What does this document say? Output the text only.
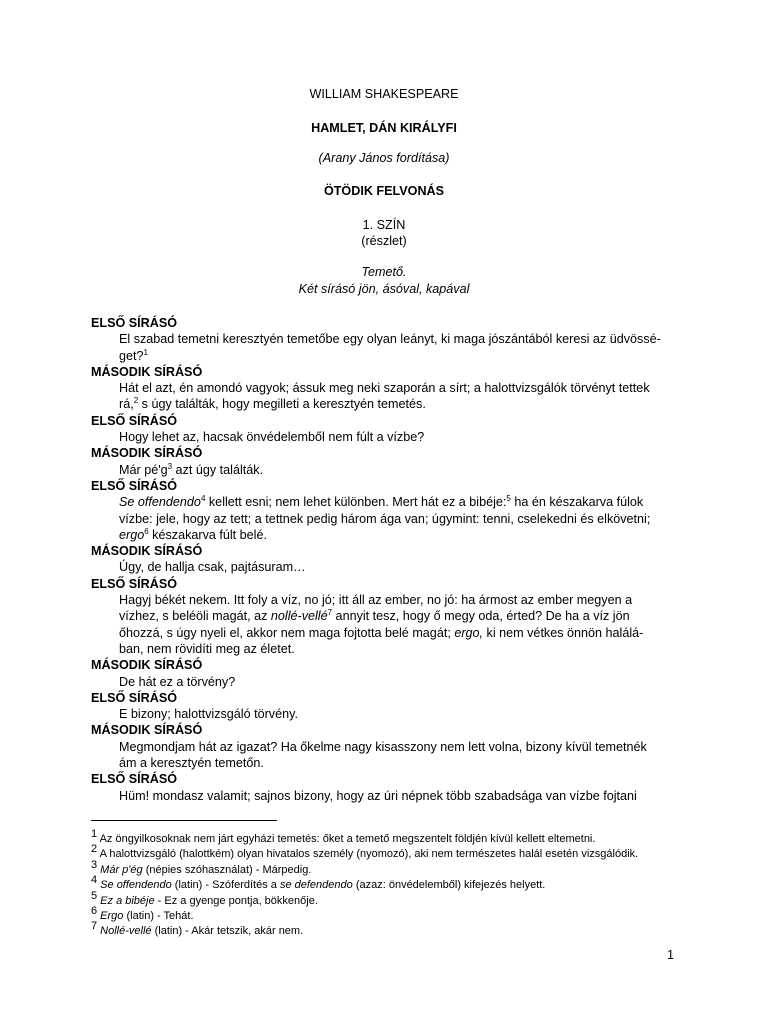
WILLIAM SHAKESPEARE
HAMLET, DÁN KIRÁLYFI
(Arany János fordítása)
ÖTÖDIK FELVONÁS
1. SZÍN
(részlet)
Temető.
Két sírásó jön, ásóval, kapával
ELSŐ SÍRÁSÓ
El szabad temetni keresztyén temetőbe egy olyan leányt, ki maga jószántából keresi az üdvössé-
get?$^1$
MÁSODIK SÍRÁSÓ
Hát el azt, én amondó vagyok; ássuk meg neki szaporán a sírt; a halottvizsgálók törvényt tettek
rá,$^2$ s úgy találták, hogy megilleti a keresztyén temetés.
ELSŐ SÍRÁSÓ
Hogy lehet az, hacsak önvédelemből nem fúlt a vízbe?
MÁSODIK SÍRÁSÓ
Már $pé'g^3$ azt úgy találták.
ELSŐ SÍRÁSÓ
Se offendendo$^4$ kellett esni; nem lehet különben. Mert hát ez a bibéje:$^5$ ha én készakarva fúlok
vízbe: jele, hogy az tett; a tettnek pedig három ága van; úgymint: tenni, cselekedni és elkövetni;
ergo$^6$ készakarva fúlt belé.
MÁSODIK SÍRÁSÓ
Úgy, de hallja csak, pajtásuram…
ELSŐ SÍRÁSÓ
Hagyj békét nekem. Itt foly a víz, no jó; itt áll az ember, no jó: ha ármost az ember megyen a
vízhez, s beléöli magát, az nollé-vellé$^7$ annyit tesz, hogy ő megy oda, érted? De ha a víz jön
őhozzá, s úgy nyeli el, akkor nem maga fojtotta belé magát; ergo, ki nem vétkes önnön halálá-
ban, nem rövidíti meg az életet.
MÁSODIK SÍRÁSÓ
De hát ez a törvény?
ELSŐ SÍRÁSÓ
E bizony; halottvizsgáló törvény.
MÁSODIK SÍRÁSÓ
Megmondjam hát az igazat? Ha őkelme nagy kisasszony nem lett volna, bizony kívül temetnék
ám a keresztyén temetőn.
ELSŐ SÍRÁSÓ
Hüm! mondasz valamit; sajnos bizony, hogy az úri népnek több szabadsága van vízbe fojtani
$^1$ Az öngyilkosoknak nem járt egyházi temetés: őket a temető megszentelt földjén kívül kellett eltemetni.
$^2$ A halottvizsgáló (halottkém) olyan hivatalos személy (nyomozó), aki nem természetes halál esetén vizsgálódik.
$^3$ Már p'ég (népies szóhasználat) - Márpedig.
$^4$ Se offendendo (latin) - Szóferdítés a se defendendo (azaz: önvédelemből) kifejezés helyett.
$^5$ Ez a bibéje - Ez a gyenge pontja, bökkenője.
$^6$ Ergo (latin) - Tehát.
$^7$ Nollé-vellé (latin) - Akár tetszik, akár nem.
1
